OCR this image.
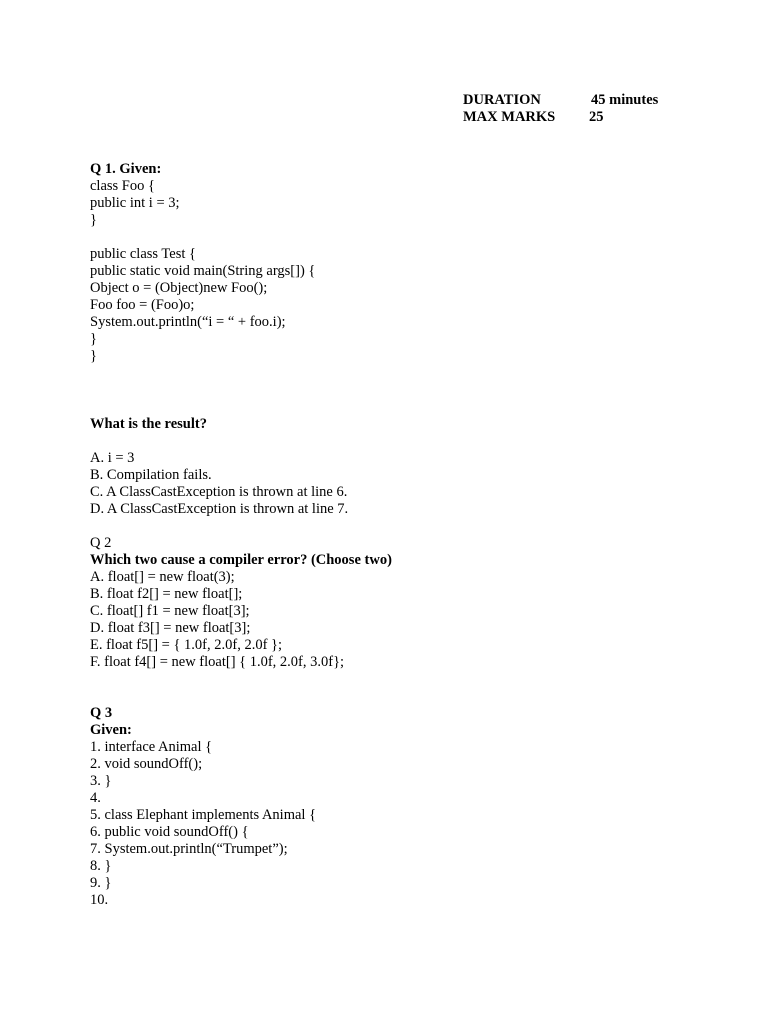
DURATION	45 minutes
MAX MARKS	25
Q 1. Given:
class Foo {
public int i = 3;
}
public class Test {
public static void main(String args[]) {
Object o = (Object)new Foo();
Foo foo = (Foo)o;
System.out.println(“i = “ + foo.i);
}
}
What is the result?
A. i = 3
B. Compilation fails.
C. A ClassCastException is thrown at line 6.
D. A ClassCastException is thrown at line 7.
Q 2
Which two cause a compiler error? (Choose two)
A. float[] = new float(3);
B. float f2[] = new float[];
C. float[] f1 = new float[3];
D. float f3[] = new float[3];
E. float f5[] = { 1.0f, 2.0f, 2.0f };
F. float f4[] = new float[] { 1.0f, 2.0f, 3.0f};
Q 3
Given:
1. interface Animal {
2. void soundOff();
3. }
4.
5. class Elephant implements Animal {
6. public void soundOff() {
7. System.out.println(“Trumpet”);
8. }
9. }
10.
